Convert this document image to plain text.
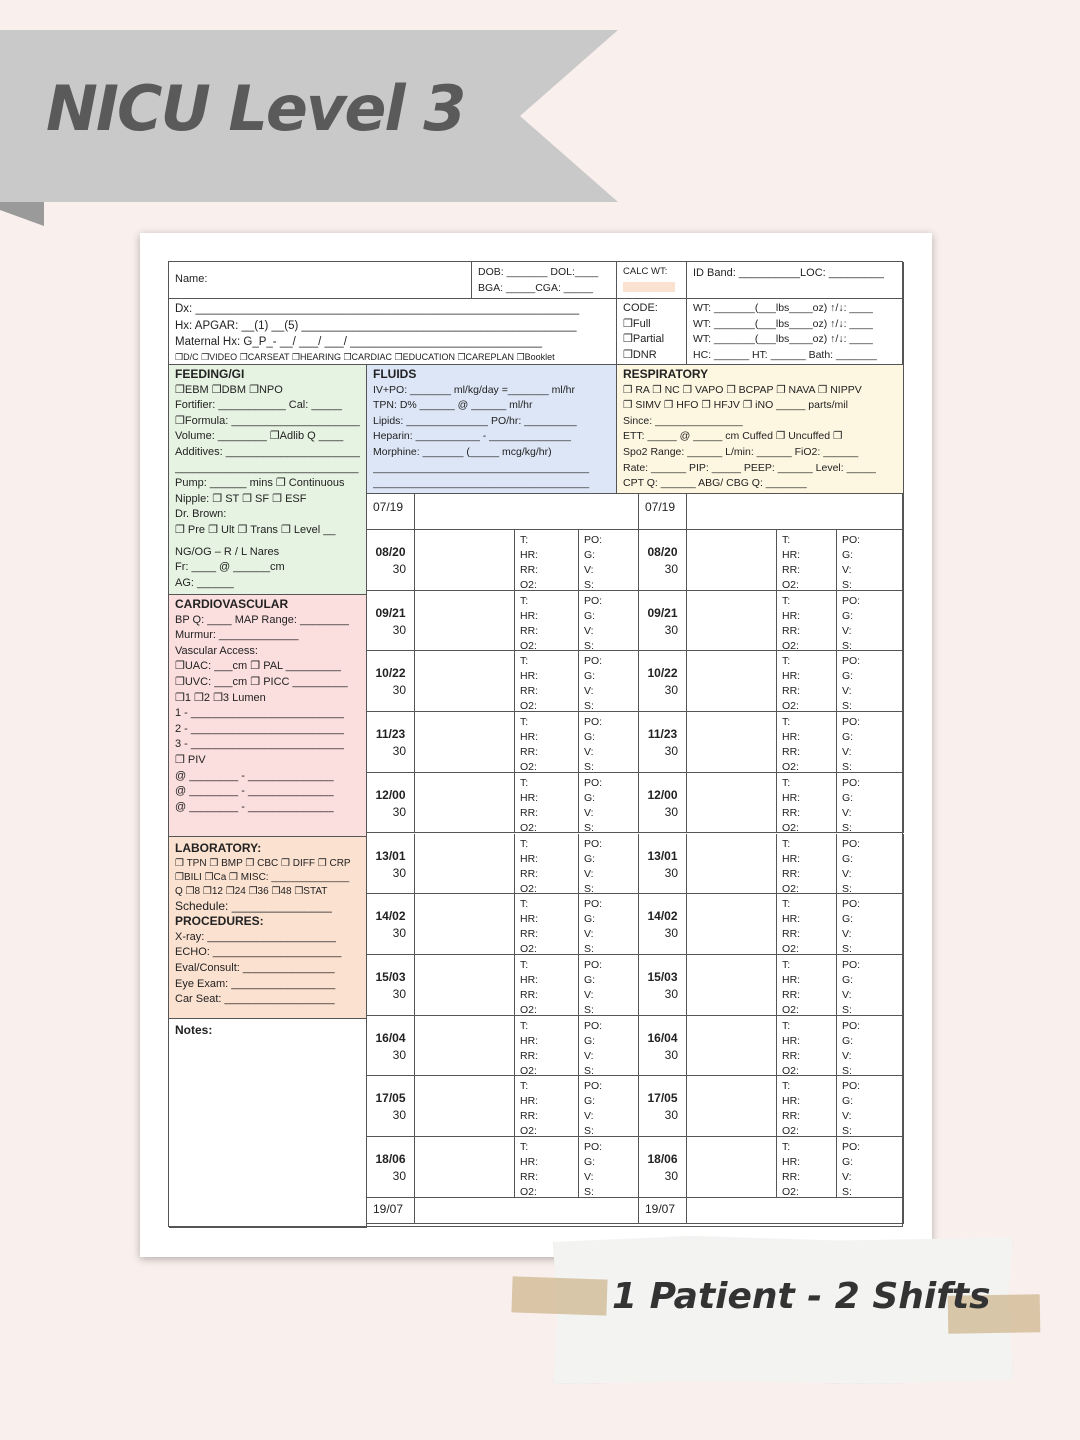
NICU Level 3
Name:
DOB: _______ DOL:____
BGA: _____CGA: _____
CALC WT:	ID Band: __________LOC: _________
Dx: ____________________________________________________________
Hx: APGAR: __(1) __(5) ___________________________________________
Maternal Hx: G_P_- __/ ___/ ___/ ______________________________
❐D/C ❐VIDEO ❐CARSEAT ❐HEARING ❐CARDIAC ❐EDUCATION ❐CAREPLAN ❐Booklet
CODE:
❐Full
❐Partial
❐DNR
WT: _______(___lbs____oz) ↑/↓: ____
WT: _______(___lbs____oz) ↑/↓: ____
WT: _______(___lbs____oz) ↑/↓: ____
HC: ______ HT: ______ Bath: _______
FEEDING/GI
❐EBM ❐DBM ❐NPO
Fortifier: ___________ Cal: _____
❐Formula: _____________________
Volume: ________ ❐Adlib Q ____
Additives: ______________________
______________________________
Pump: ______ mins ❐ Continuous
Nipple: ❐ ST ❐ SF ❐ ESF
Dr. Brown:
❐ Pre ❐ Ult ❐ Trans ❐ Level __
NG/OG – R / L Nares
Fr: ____ @ ______cm
AG: ______
FLUIDS
IV+PO: _______ ml/kg/day =_______ ml/hr
TPN: D% ______ @ ______ ml/hr
Lipids: ______________ PO/hr: _________
Heparin: ___________ - ______________
Morphine: _______ (_____ mcg/kg/hr)
_____________________________________
_____________________________________
RESPIRATORY
❐ RA ❐ NC ❐ VAPO ❐ BCPAP ❐ NAVA ❐ NIPPV
❐ SIMV ❐ HFO ❐ HFJV ❐ iNO _____ parts/mil
Since: _______________
ETT: _____ @ _____ cm Cuffed ❐ Uncuffed ❐
Spo2 Range: ______ L/min: ______ FiO2: ______
Rate: ______ PIP: _____ PEEP: ______ Level: _____
CPT Q: ______ ABG/ CBG Q: _______
CARDIOVASCULAR
BP Q: ____ MAP Range: ________
Murmur: _____________
Vascular Access:
❐UAC: ___cm ❐ PAL _________
❐UVC: ___cm ❐ PICC _________
❐1 ❐2 ❐3 Lumen
1 - _________________________
2 - _________________________
3 - _________________________
❐ PIV
@ ________ - ______________
@ ________ - ______________
@ ________ - ______________
LABORATORY:
❐ TPN ❐ BMP ❐ CBC ❐ DIFF ❐ CRP
❐BILI ❐Ca ❐ MISC: ______________
Q ❐8 ❐12 ❐24 ❐36 ❐48 ❐STAT
Schedule: _______________
PROCEDURES:
X-ray: _____________________
ECHO: _____________________
Eval/Consult: _______________
Eye Exam: _________________
Car Seat: __________________
Notes:
07/19
08/20
30
T:
HR:
RR:
O2:
PO:
G:
V:
S:
09/21
30
T:
HR:
RR:
O2:
PO:
G:
V:
S:
10/22
30
T:
HR:
RR:
O2:
PO:
G:
V:
S:
11/23
30
T:
HR:
RR:
O2:
PO:
G:
V:
S:
12/00
30
T:
HR:
RR:
O2:
PO:
G:
V:
S:
13/01
30
T:
HR:
RR:
O2:
PO:
G:
V:
S:
14/02
30
T:
HR:
RR:
O2:
PO:
G:
V:
S:
15/03
30
T:
HR:
RR:
O2:
PO:
G:
V:
S:
16/04
30
T:
HR:
RR:
O2:
PO:
G:
V:
S:
17/05
30
T:
HR:
RR:
O2:
PO:
G:
V:
S:
18/06
30
T:
HR:
RR:
O2:
PO:
G:
V:
S:
19/07
07/19
08/20
30
T:
HR:
RR:
O2:
PO:
G:
V:
S:
09/21
30
T:
HR:
RR:
O2:
PO:
G:
V:
S:
10/22
30
T:
HR:
RR:
O2:
PO:
G:
V:
S:
11/23
30
T:
HR:
RR:
O2:
PO:
G:
V:
S:
12/00
30
T:
HR:
RR:
O2:
PO:
G:
V:
S:
13/01
30
T:
HR:
RR:
O2:
PO:
G:
V:
S:
14/02
30
T:
HR:
RR:
O2:
PO:
G:
V:
S:
15/03
30
T:
HR:
RR:
O2:
PO:
G:
V:
S:
16/04
30
T:
HR:
RR:
O2:
PO:
G:
V:
S:
17/05
30
T:
HR:
RR:
O2:
PO:
G:
V:
S:
18/06
30
T:
HR:
RR:
O2:
PO:
G:
V:
S:
19/07
1 Patient - 2 Shifts
